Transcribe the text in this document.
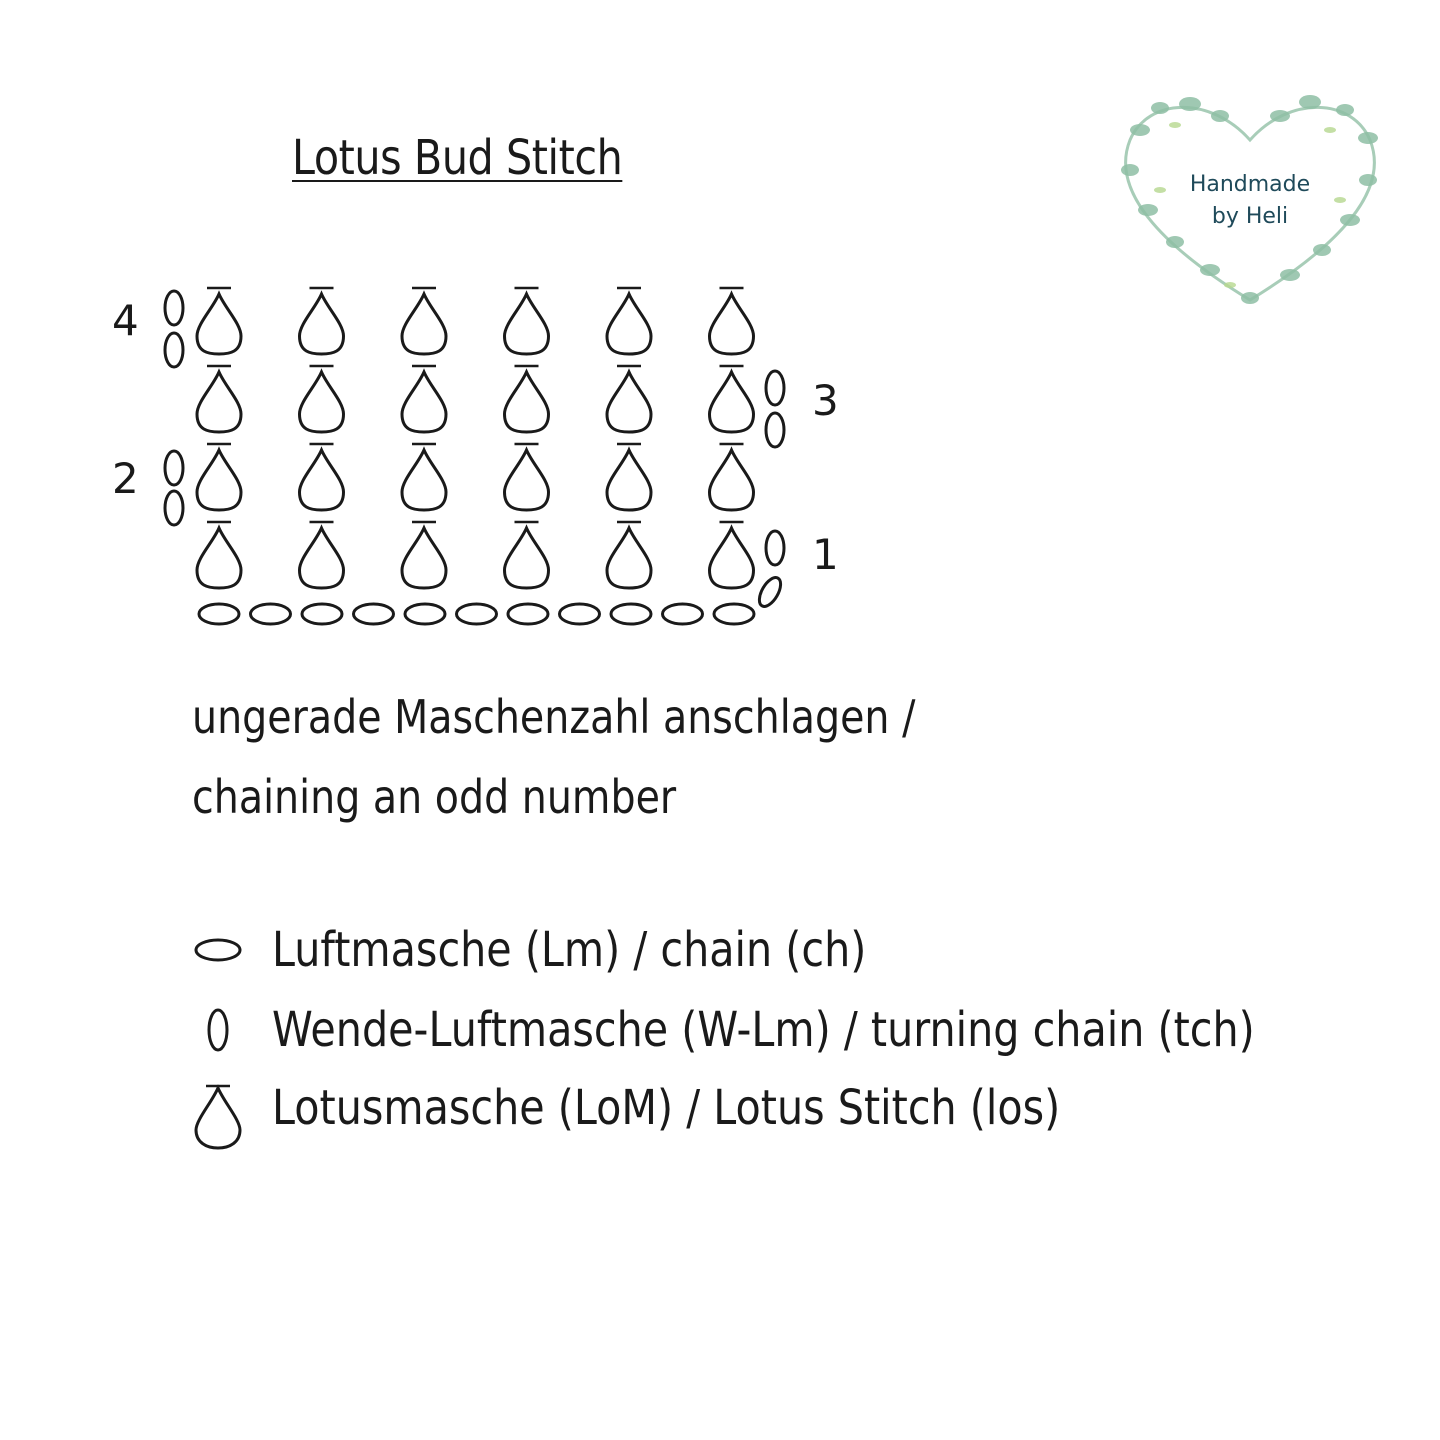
Lotus Bud Stitch	Handmade
by Heli
1
2
3
4
ungerade Maschenzahl anschlagen /
chaining an odd number
Luftmasche (Lm) / chain (ch)
Wende-Luftmasche (W-Lm) / turning chain (tch)
Lotusmasche (LoM) / Lotus Stitch (los)
